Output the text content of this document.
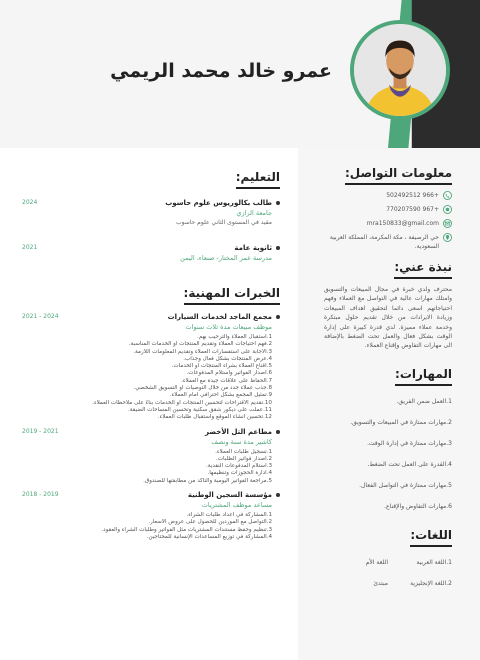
عمرو خالد محمد الريمي
معلومات التواصل:
+966 502492512
+967 770207590
mra150833@gmail.com
حي الرصيفة ، مكة المكرمة، المملكة العربية السعودية.
نبذة عني:

محترف ولدي خبرة في مجال المبيعات والتسويق وامتلك مهارات عالية في التواصل مع العملاء وفهم احتياجاتهم اسعى دائما لتحقيق اهداف المبيعات وزيادة الايرادات من خلال تقديم حلول مبتكرة وخدمة عملاء مميزة. لدي قدرة كبيرة على إدارة الوقت بشكل فعال والعمل تحت الضغط بالإضافة الى مهارات التفاوض وإقناع العملاء.

المهارات:
1.العمل ضمن الفريق.
2.مهارات ممتازة في المبيعات والتسويق.
3.مهارات ممتازة في إدارة الوقت.
4.القدرة على العمل تحت الضغط.
5.مهارات ممتازة في التواصل الفعال.
6.مهارات التفاوض والإقناع.
اللغات:
1.اللغة العربية
اللغة الأم
2.اللغة الإنجليزية
مبتدئ
التعليم:
طالب بكالوريوس علوم حاسوب
2024
جامعة الرازي
مقيد في المستوى الثاني علوم حاسوب
ثانوية عامة
2021
مدرسة عمر المختار- صنعاء، اليمن
الخبرات المهنية:
مجمع الماجد لخدمات السيارات
2021 - 2024
موظف مبيعات مدة ثلاث سنوات
1.استقبال العملاء والترحيب بهم.
2.فهم احتياجات العملاء وتقديم المنتجات أو الخدمات المناسبة.
3.الاجابة على استفسارات العملاء وتقديم المعلومات اللازمة.
4.عرض المنتجات بشكل فعال وجذاب.
5.اقناع العملاء بشراء المنتجات أو الخدمات.
6.اصدار الفواتير واستلام المدفوعات.
7.الحفاظ على علاقات جيدة مع العملاء.
8.جذب عملاء جدد من خلال التوصيات أو التسويق الشخصي.
9.تمثيل المجمع بشكل احترافي امام العملاء.
10.تقديم الاقتراحات لتحسين المنتجات او الخدمات بناءً على ملاحظات العملاء.
11.عملت على ديكور شقق سكنية وتحسين المساحات الضيقة.
12.تحسين انشاء الموقع واستقبال طلبات العملاء.
مطاعم التل الأخضر
2019 - 2021
كاشير مدة سنة ونصف
1.تسجيل طلبات العملاء.
2.اصدار فواتير الطلبات.
3.استلام المدفوعات النقدية.
4.ادارة الحجوزات وتنظيمها.
5.مراجعة الفواتير اليومية والتأكد من مطابقتها للصندوق.
مؤسسة السجين الوطنية
2018 - 2019
مساعد موظف المشتريات
1.المشاركة في اعداد طلبات الشراء.
2.التواصل مع الموردين للحصول على عروض الأسعار.
3.تنظيم وحفظ مستندات المشتريات مثل الفواتير وطلبات الشراء والعقود.
4.المشاركة في توزيع المساعدات الإنسانية للمحتاجين.
